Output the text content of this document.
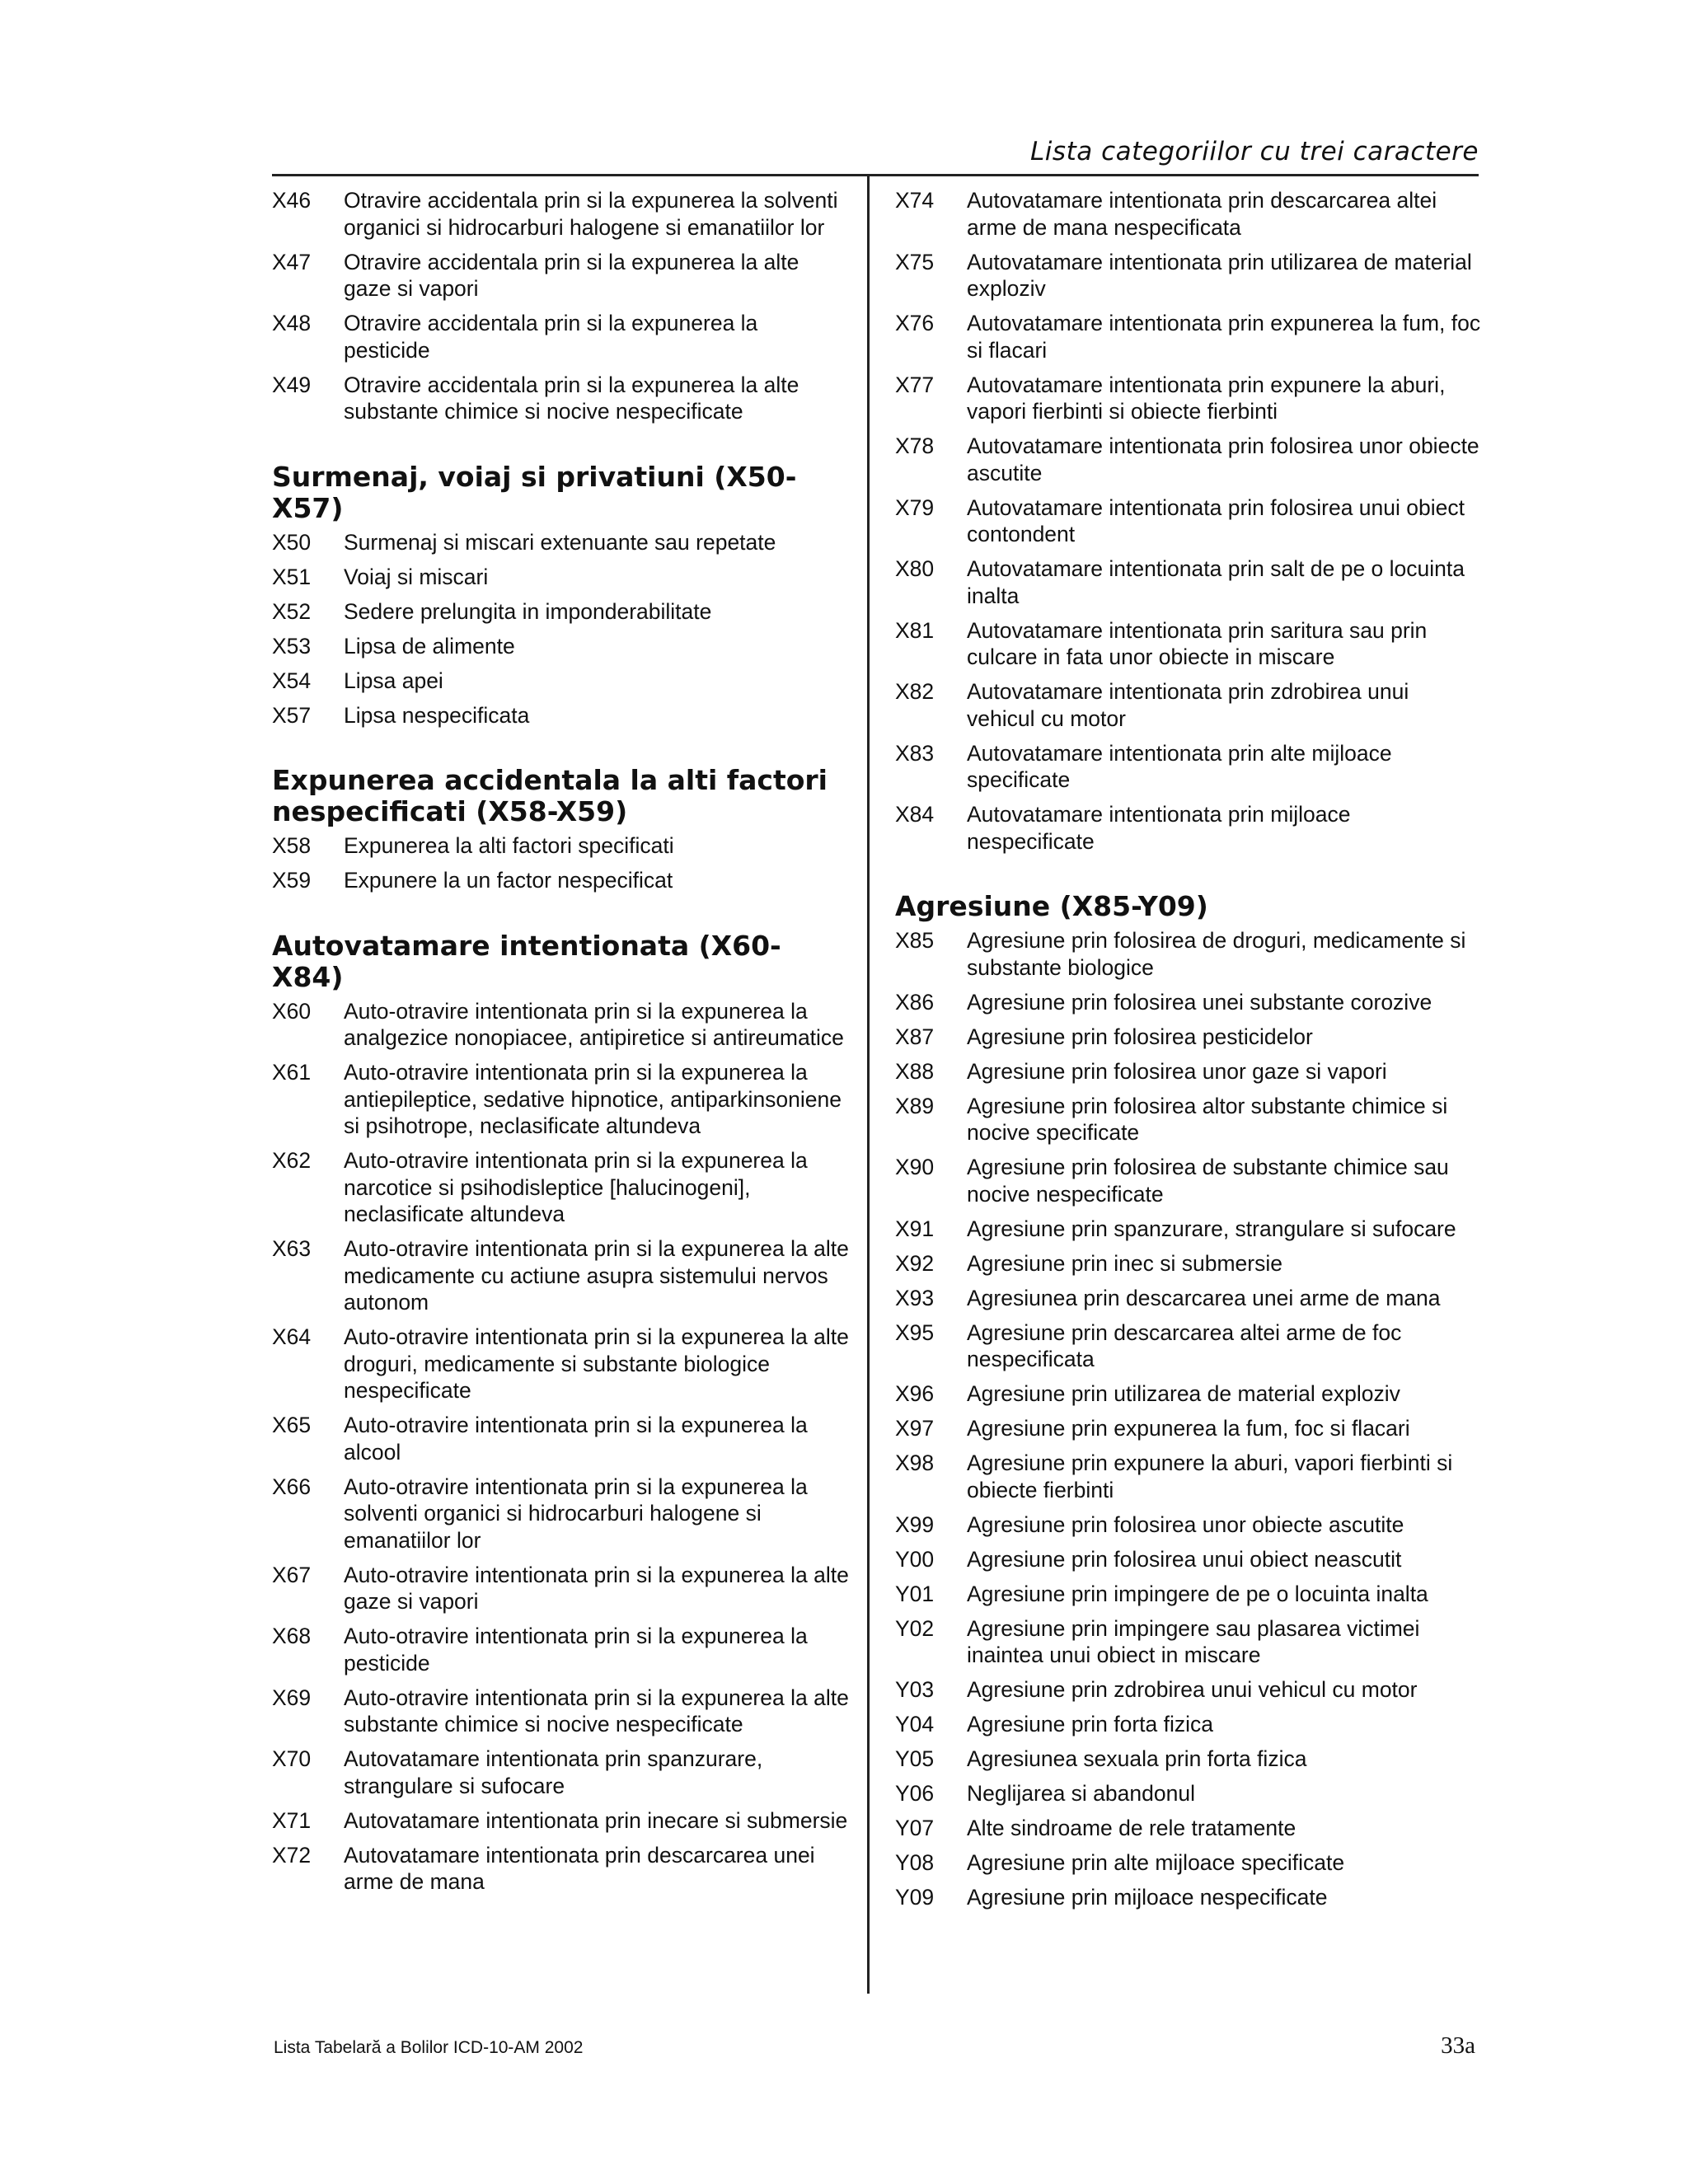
Lista categoriilor cu trei caractere
X46	Otravire accidentala prin si la expunerea la solventi organici si hidrocarburi halogene si emanatiilor lor
X47	Otravire accidentala prin si la expunerea la alte gaze si vapori
X48	Otravire accidentala prin si la expunerea la pesticide
X49	Otravire accidentala prin si la expunerea la alte substante chimice si nocive nespecificate
Surmenaj, voiaj si privatiuni (X50-X57)
X50	Surmenaj si miscari extenuante sau repetate
X51	Voiaj si miscari
X52	Sedere prelungita in imponderabilitate
X53	Lipsa de alimente
X54	Lipsa apei
X57	Lipsa nespecificata
Expunerea accidentala la alti factori nespecificati (X58-X59)
X58	Expunerea la alti factori specificati
X59	Expunere la un factor nespecificat
Autovatamare intentionata (X60-X84)
X60	Auto-otravire intentionata prin si la expunerea la analgezice nonopiacee, antipiretice si antireumatice
X61	Auto-otravire intentionata prin si la expunerea la antiepileptice, sedative hipnotice, antiparkinsoniene si psihotrope, neclasificate altundeva
X62	Auto-otravire intentionata prin si la expunerea la narcotice si psihodisleptice [halucinogeni], neclasificate altundeva
X63	Auto-otravire intentionata prin si la expunerea la alte medicamente cu actiune asupra sistemului nervos autonom
X64	Auto-otravire intentionata prin si la expunerea la alte droguri, medicamente si substante biologice nespecificate
X65	Auto-otravire intentionata prin si la expunerea la alcool
X66	Auto-otravire intentionata prin si la expunerea la solventi organici si hidrocarburi halogene si emanatiilor lor
X67	Auto-otravire intentionata prin si la expunerea la alte gaze si vapori
X68	Auto-otravire intentionata prin si la expunerea la pesticide
X69	Auto-otravire intentionata prin si la expunerea la alte substante chimice si nocive nespecificate
X70	Autovatamare intentionata prin spanzurare, strangulare si sufocare
X71	Autovatamare intentionata prin inecare si submersie
X72	Autovatamare intentionata prin descarcarea unei arme de mana
X74	Autovatamare intentionata prin descarcarea altei arme de mana nespecificata
X75	Autovatamare intentionata prin utilizarea de material exploziv
X76	Autovatamare intentionata prin expunerea la fum, foc si flacari
X77	Autovatamare intentionata prin expunere la aburi, vapori fierbinti si obiecte fierbinti
X78	Autovatamare intentionata prin folosirea unor obiecte ascutite
X79	Autovatamare intentionata prin folosirea unui obiect contondent
X80	Autovatamare intentionata prin salt de pe o locuinta inalta
X81	Autovatamare intentionata prin saritura sau prin culcare in fata unor obiecte in miscare
X82	Autovatamare intentionata prin zdrobirea unui vehicul cu motor
X83	Autovatamare intentionata prin alte mijloace specificate
X84	Autovatamare intentionata prin mijloace nespecificate
Agresiune (X85-Y09)
X85	Agresiune prin folosirea de droguri, medicamente si substante biologice
X86	Agresiune prin folosirea unei substante corozive
X87	Agresiune prin folosirea pesticidelor
X88	Agresiune prin folosirea unor gaze si vapori
X89	Agresiune prin folosirea altor substante chimice si nocive specificate
X90	Agresiune prin folosirea de substante chimice sau nocive nespecificate
X91	Agresiune prin spanzurare, strangulare si sufocare
X92	Agresiune prin inec si submersie
X93	Agresiunea prin descarcarea unei arme de mana
X95	Agresiune prin descarcarea altei arme de foc nespecificata
X96	Agresiune prin utilizarea de material exploziv
X97	Agresiune prin expunerea la fum, foc si flacari
X98	Agresiune prin expunere la aburi, vapori fierbinti si obiecte fierbinti
X99	Agresiune prin folosirea unor obiecte ascutite
Y00	Agresiune prin folosirea unui obiect neascutit
Y01	Agresiune prin impingere de pe o locuinta inalta
Y02	Agresiune prin impingere sau plasarea victimei inaintea unui obiect in miscare
Y03	Agresiune prin zdrobirea unui vehicul cu motor
Y04	Agresiune prin forta fizica
Y05	Agresiunea sexuala prin forta fizica
Y06	Neglijarea si abandonul
Y07	Alte sindroame de rele tratamente
Y08	Agresiune prin alte mijloace specificate
Y09	Agresiune prin mijloace nespecificate
Lista Tabelară a Bolilor ICD-10-AM 2002	33a
